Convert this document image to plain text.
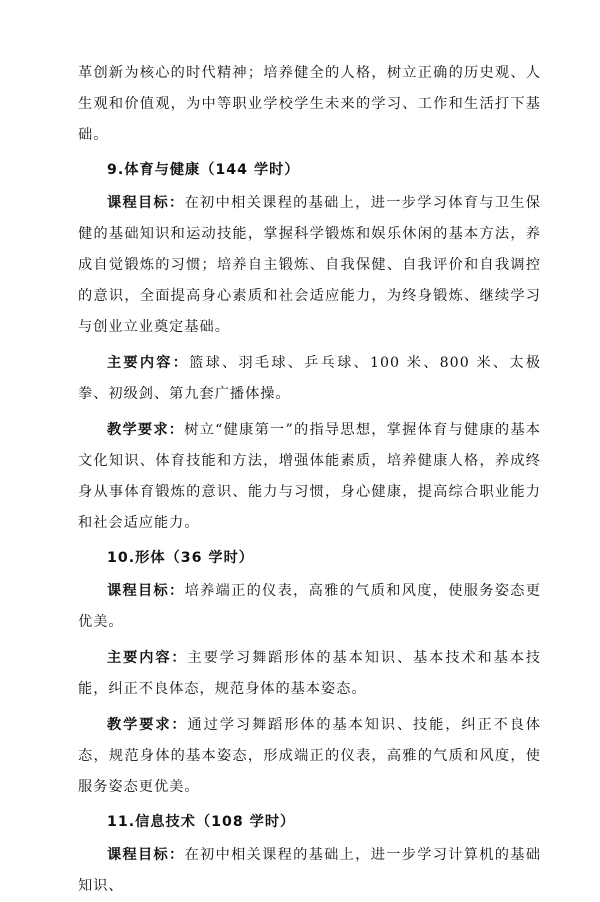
革创新为核心的时代精神；培养健全的人格，树立正确的历史观、人生观和价值观，为中等职业学校学生未来的学习、工作和生活打下基础。

9.体育与健康（144 学时）

课程目标：在初中相关课程的基础上，进一步学习体育与卫生保健的基础知识和运动技能，掌握科学锻炼和娱乐休闲的基本方法，养成自觉锻炼的习惯；培养自主锻炼、自我保健、自我评价和自我调控的意识，全面提高身心素质和社会适应能力，为终身锻炼、继续学习与创业立业奠定基础。

主要内容：篮球、羽毛球、乒乓球、100 米、800 米、太极拳、初级剑、第九套广播体操。

教学要求：树立“健康第一”的指导思想，掌握体育与健康的基本文化知识、体育技能和方法，增强体能素质，培养健康人格，养成终身从事体育锻炼的意识、能力与习惯，身心健康，提高综合职业能力和社会适应能力。

10.形体（36 学时）

课程目标：培养端正的仪表，高雅的气质和风度，使服务姿态更优美。

主要内容：主要学习舞蹈形体的基本知识、基本技术和基本技能，纠正不良体态，规范身体的基本姿态。

教学要求：通过学习舞蹈形体的基本知识、技能，纠正不良体态，规范身体的基本姿态，形成端正的仪表，高雅的气质和风度，使服务姿态更优美。

11.信息技术（108 学时）

课程目标：在初中相关课程的基础上，进一步学习计算机的基础知识、
